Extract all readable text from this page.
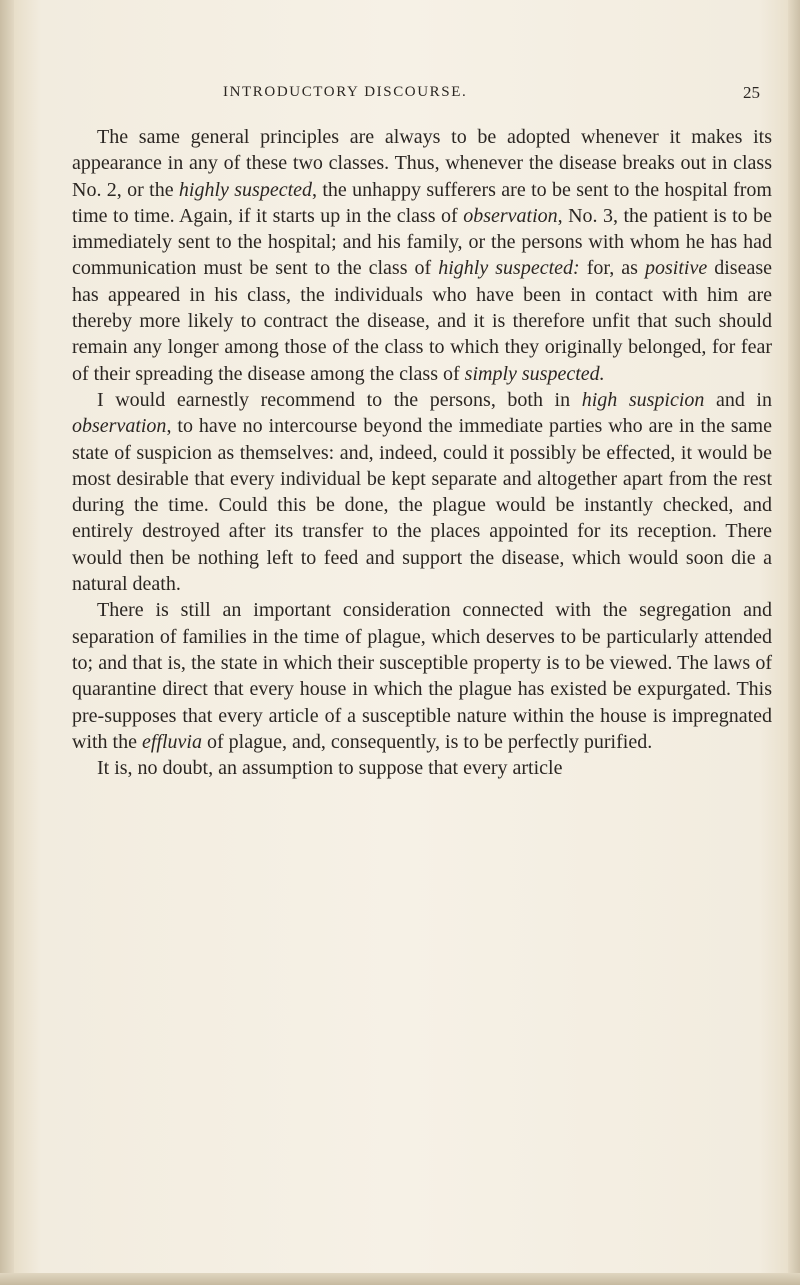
INTRODUCTORY DISCOURSE.	25

The same general principles are always to be adopted whenever it makes its appearance in any of these two classes. Thus, whenever the disease breaks out in class No. 2, or the highly suspected, the unhappy sufferers are to be sent to the hospital from time to time. Again, if it starts up in the class of observation, No. 3, the patient is to be immediately sent to the hospital; and his family, or the persons with whom he has had communication must be sent to the class of highly suspected: for, as positive disease has appeared in his class, the individuals who have been in contact with him are thereby more likely to contract the disease, and it is therefore unfit that such should remain any longer among those of the class to which they originally belonged, for fear of their spreading the disease among the class of simply suspected.

I would earnestly recommend to the persons, both in high suspicion and in observation, to have no intercourse beyond the immediate parties who are in the same state of suspicion as themselves: and, indeed, could it possibly be effected, it would be most desirable that every individual be kept separate and altogether apart from the rest during the time. Could this be done, the plague would be instantly checked, and entirely destroyed after its transfer to the places appointed for its reception. There would then be nothing left to feed and support the disease, which would soon die a natural death.

There is still an important consideration connected with the segregation and separation of families in the time of plague, which deserves to be particularly attended to; and that is, the state in which their susceptible property is to be viewed. The laws of quarantine direct that every house in which the plague has existed be expurgated. This pre-supposes that every article of a susceptible nature within the house is impregnated with the effluvia of plague, and, consequently, is to be perfectly purified.

It is, no doubt, an assumption to suppose that every article
